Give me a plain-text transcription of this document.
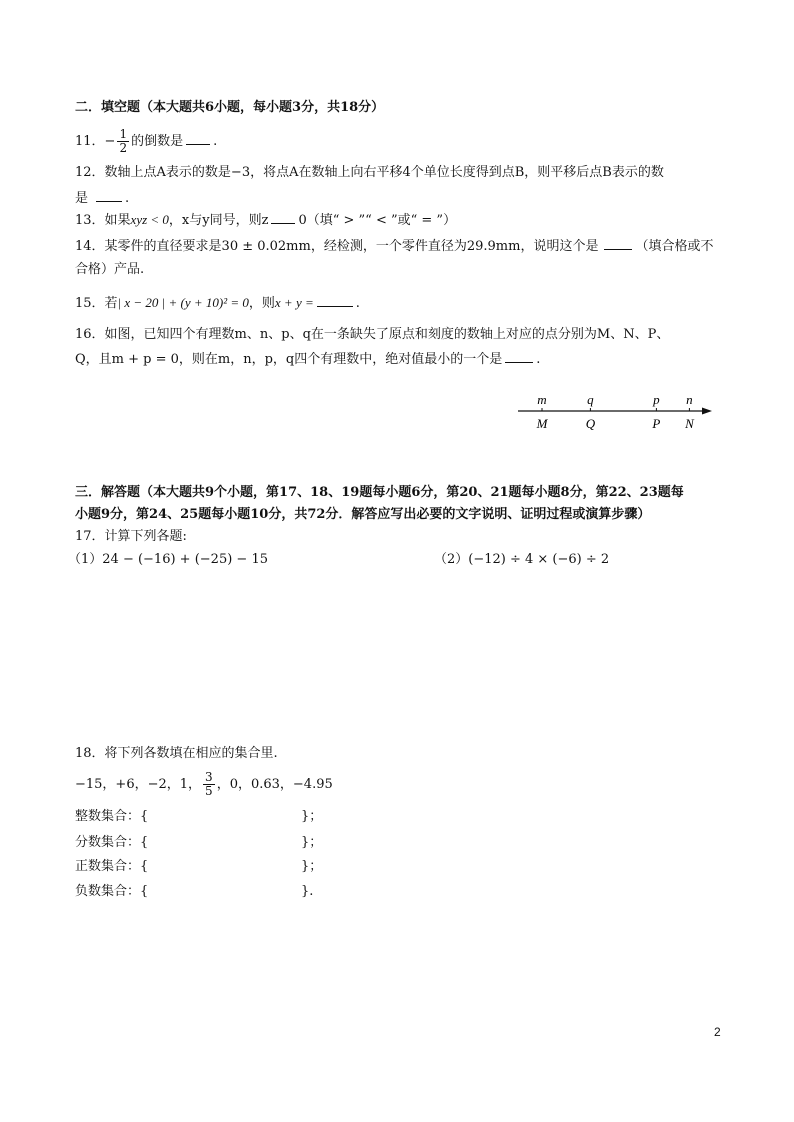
二．填空题（本大题共6小题，每小题3分，共18分）
11．− $\frac{1}{2}$ 的倒数是 .
12．数轴上点A表示的数是−3，将点A在数轴上向右平移4个单位长度得到点B，则平移后点B表示的数
是	.
13．如果xyz < 0，x与y同号，则z 0（填“ > ”“ < ”或“ = ”）
14．某零件的直径要求是30 ± 0.02mm，经检测，一个零件直径为29.9mm，说明这个是	（填合格或不
合格）产品.
15．若| x − 20 | + (y + 10)² = 0，则x + y =	.
16．如图，已知四个有理数m、n、p、q在一条缺失了原点和刻度的数轴上对应的点分别为M、N、P、
Q，且m + p = 0，则在m，n，p，q四个有理数中，绝对值最小的一个是	.
m
M
q
Q
p
P
n
N
三．解答题（本大题共9个小题，第17、18、19题每小题6分，第20、21题每小题8分，第22、23题每
小题9分，第24、25题每小题10分，共72分．解答应写出必要的文字说明、证明过程或演算步骤）
17．计算下列各题:
（1）24 − (−16) + (−25) − 15	（2）(−12) ÷ 4 × (−6) ÷ 2
18．将下列各数填在相应的集合里.
−15，+6，−2，1， $\frac{3}{5}$ ，0，0.63，−4.95
整数集合：{	}；
分数集合：{	}；
正数集合：{	}；
负数集合：{	}.
2
